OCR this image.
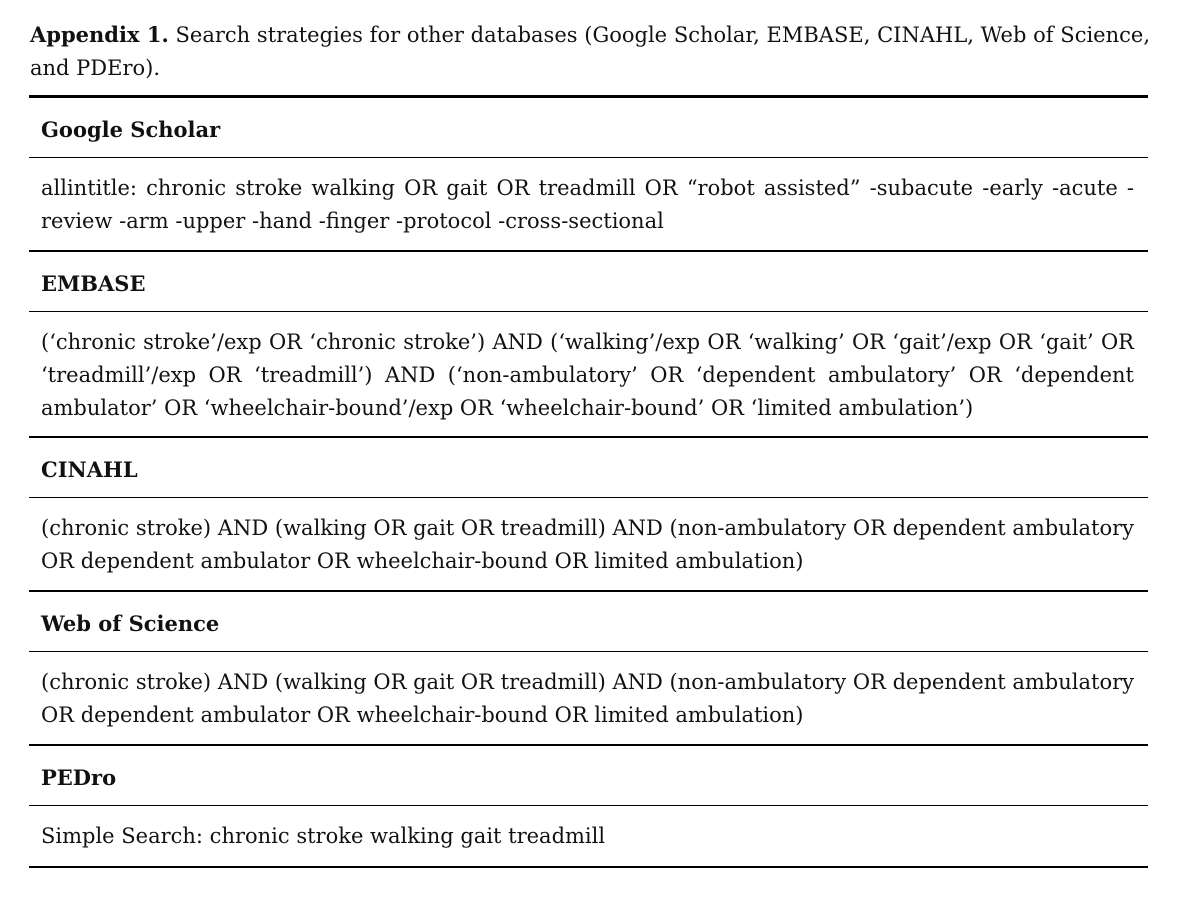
Appendix 1. Search strategies for other databases (Google Scholar, EMBASE, CINAHL, Web of Science, and PDEro).
Google Scholar
allintitle: chronic stroke walking OR gait OR treadmill OR “robot assisted” -subacute -early -acute -review -arm -upper -hand -finger -protocol -cross-sectional
EMBASE
(‘chronic stroke’/exp OR ‘chronic stroke’) AND (‘walking’/exp OR ‘walking’ OR ‘gait’/exp OR ‘gait’ OR ‘treadmill’/exp OR ‘treadmill’) AND (‘non-ambulatory’ OR ‘dependent ambulatory’ OR ‘dependent ambulator’ OR ‘wheelchair-bound’/exp OR ‘wheelchair-bound’ OR ‘limited ambulation’)
CINAHL
(chronic stroke) AND (walking OR gait OR treadmill) AND (non-ambulatory OR dependent ambulatory OR dependent ambulator OR wheelchair-bound OR limited ambulation)
Web of Science
(chronic stroke) AND (walking OR gait OR treadmill) AND (non-ambulatory OR dependent ambulatory OR dependent ambulator OR wheelchair-bound OR limited ambulation)
PEDro
Simple Search: chronic stroke walking gait treadmill
